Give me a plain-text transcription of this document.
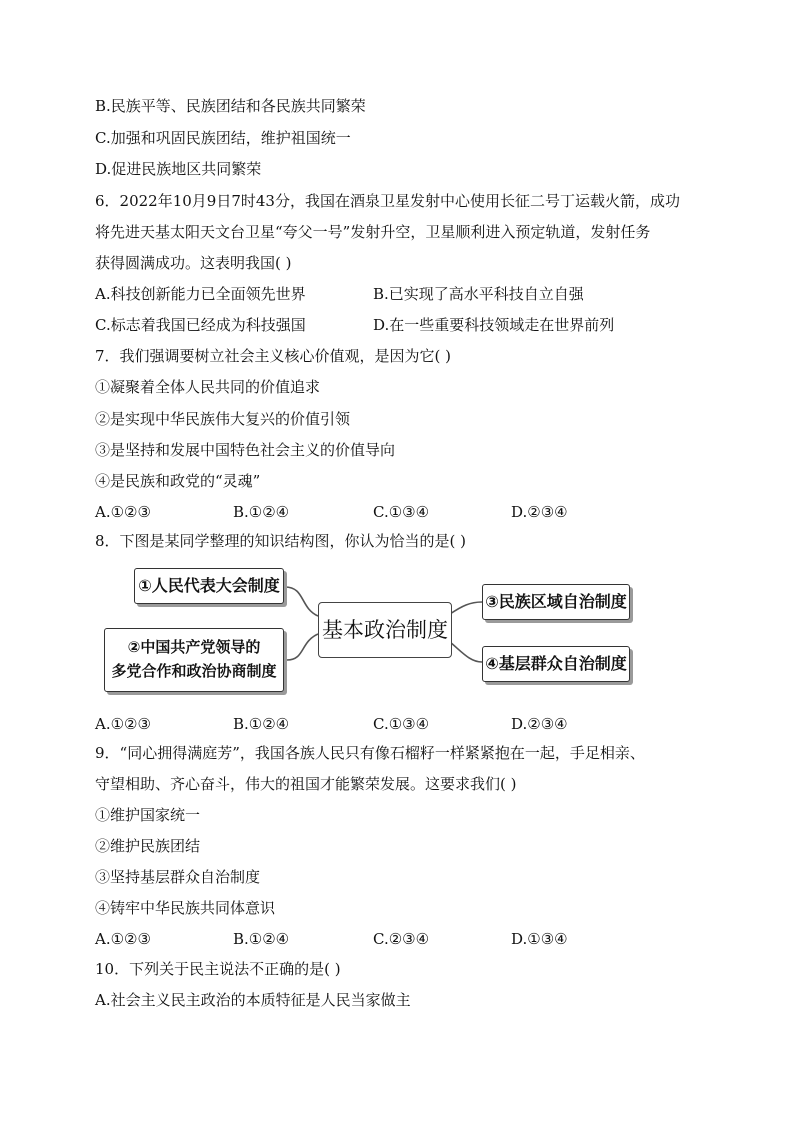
B.民族平等、民族团结和各民族共同繁荣
C.加强和巩固民族团结，维护祖国统一
D.促进民族地区共同繁荣
6．2022年10月9日7时43分，我国在酒泉卫星发射中心使用长征二号丁运载火箭，成功
将先进天基太阳天文台卫星“夸父一号”发射升空，卫星顺利进入预定轨道，发射任务
获得圆满成功。这表明我国( )
A.科技创新能力已全面领先世界	B.已实现了高水平科技自立自强
C.标志着我国已经成为科技强国	D.在一些重要科技领域走在世界前列
7．我们强调要树立社会主义核心价值观，是因为它( )
①凝聚着全体人民共同的价值追求
②是实现中华民族伟大复兴的价值引领
③是坚持和发展中国特色社会主义的价值导向
④是民族和政党的“灵魂”
A.①②③	B.①②④	C.①③④	D.②③④
8．下图是某同学整理的知识结构图，你认为恰当的是( )
①人民代表大会制度
②中国共产党领导的
多党合作和政治协商制度
基本政治制度
③民族区域自治制度
④基层群众自治制度
A.①②③	B.①②④	C.①③④	D.②③④
9．“同心拥得满庭芳”，我国各族人民只有像石榴籽一样紧紧抱在一起，手足相亲、
守望相助、齐心奋斗，伟大的祖国才能繁荣发展。这要求我们( )
①维护国家统一
②维护民族团结
③坚持基层群众自治制度
④铸牢中华民族共同体意识
A.①②③	B.①②④	C.②③④	D.①③④
10．下列关于民主说法不正确的是( )
A.社会主义民主政治的本质特征是人民当家做主
